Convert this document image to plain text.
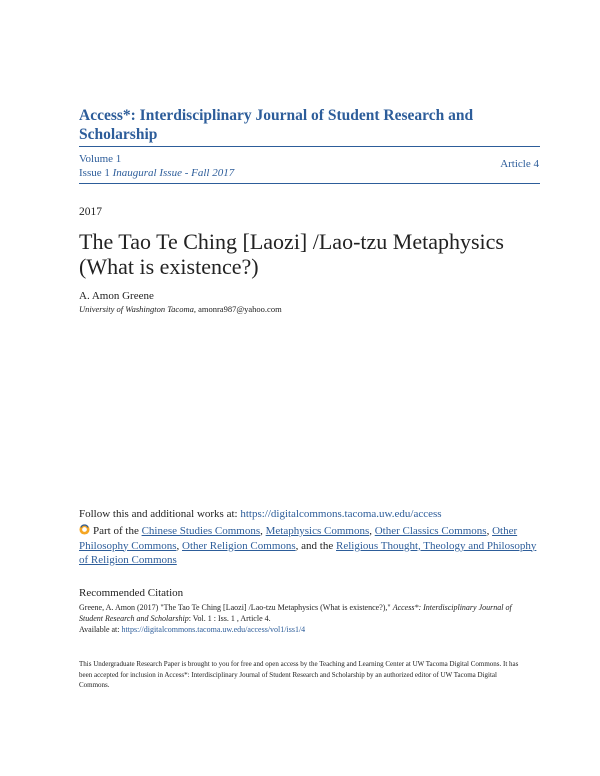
Access*: Interdisciplinary Journal of Student Research and Scholarship
Volume 1
Issue 1 Inaugural Issue - Fall 2017
Article 4
2017
The Tao Te Ching [Laozi] /Lao-tzu Metaphysics (What is existence?)
A. Amon Greene
University of Washington Tacoma, amonra987@yahoo.com
Follow this and additional works at: https://digitalcommons.tacoma.uw.edu/access
Part of the Chinese Studies Commons, Metaphysics Commons, Other Classics Commons, Other Philosophy Commons, Other Religion Commons, and the Religious Thought, Theology and Philosophy of Religion Commons
Recommended Citation
Greene, A. Amon (2017) "The Tao Te Ching [Laozi] /Lao-tzu Metaphysics (What is existence?)," Access*: Interdisciplinary Journal of Student Research and Scholarship: Vol. 1 : Iss. 1 , Article 4.
Available at: https://digitalcommons.tacoma.uw.edu/access/vol1/iss1/4
This Undergraduate Research Paper is brought to you for free and open access by the Teaching and Learning Center at UW Tacoma Digital Commons. It has been accepted for inclusion in Access*: Interdisciplinary Journal of Student Research and Scholarship by an authorized editor of UW Tacoma Digital Commons.
